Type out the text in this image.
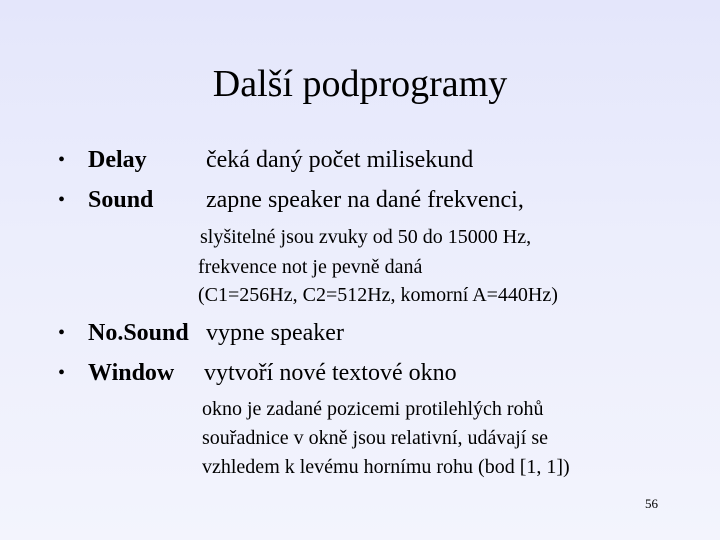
Další podprogramy
• Delay čeká daný počet milisekund
• Sound zapne speaker na dané frekvenci,
slyšitelné jsou zvuky od 50 do 15000 Hz,
frekvence not je pevně daná
(C1=256Hz, C2=512Hz, komorní A=440Hz)
• No.Sound vypne speaker
• Window vytvoří nové textové okno
okno je zadané pozicemi protilehlých rohů
souřadnice v okně jsou relativní, udávají se
vzhledem k levému hornímu rohu (bod [1, 1])
56
